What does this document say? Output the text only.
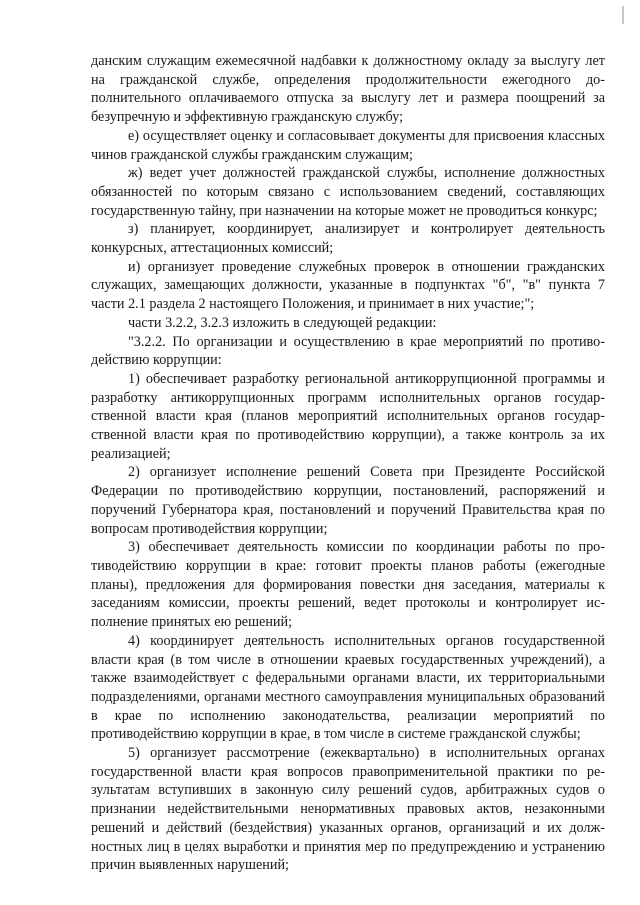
данским служащим ежемесячной надбавки к должностному окладу за выслугу лет на гражданской службе, определения продолжительности ежегодного дополнительного оплачиваемого отпуска за выслугу лет и размера поощрений за безупречную и эффективную гражданскую службу;

е) осуществляет оценку и согласовывает документы для присвоения классных чинов гражданской службы гражданским служащим;

ж) ведет учет должностей гражданской службы, исполнение должностных обязанностей по которым связано с использованием сведений, составляющих государственную тайну, при назначении на которые может не проводиться конкурс;

з) планирует, координирует, анализирует и контролирует деятельность конкурсных, аттестационных комиссий;

и) организует проведение служебных проверок в отношении гражданских служащих, замещающих должности, указанные в подпунктах "б", "в" пункта 7 части 2.1 раздела 2 настоящего Положения, и принимает в них участие;";

части 3.2.2, 3.2.3 изложить в следующей редакции:

"3.2.2. По организации и осуществлению в крае мероприятий по противодействию коррупции:

1) обеспечивает разработку региональной антикоррупционной программы и разработку антикоррупционных программ исполнительных органов государственной власти края (планов мероприятий исполнительных органов государственной власти края по противодействию коррупции), а также контроль за их реализацией;

2) организует исполнение решений Совета при Президенте Российской Федерации по противодействию коррупции, постановлений, распоряжений и поручений Губернатора края, постановлений и поручений Правительства края по вопросам противодействия коррупции;

3) обеспечивает деятельность комиссии по координации работы по противодействию коррупции в крае: готовит проекты планов работы (ежегодные планы), предложения для формирования повестки дня заседания, материалы к заседаниям комиссии, проекты решений, ведет протоколы и контролирует исполнение принятых ею решений;

4) координирует деятельность исполнительных органов государственной власти края (в том числе в отношении краевых государственных учреждений), а также взаимодействует с федеральными органами власти, их территориальными подразделениями, органами местного самоуправления муниципальных образований в крае по исполнению законодательства, реализации мероприятий по противодействию коррупции в крае, в том числе в системе гражданской службы;

5) организует рассмотрение (ежеквартально) в исполнительных органах государственной власти края вопросов правоприменительной практики по результатам вступивших в законную силу решений судов, арбитражных судов о признании недействительными ненормативных правовых актов, незаконными решений и действий (бездействия) указанных органов, организаций и их должностных лиц в целях выработки и принятия мер по предупреждению и устранению причин выявленных нарушений;
